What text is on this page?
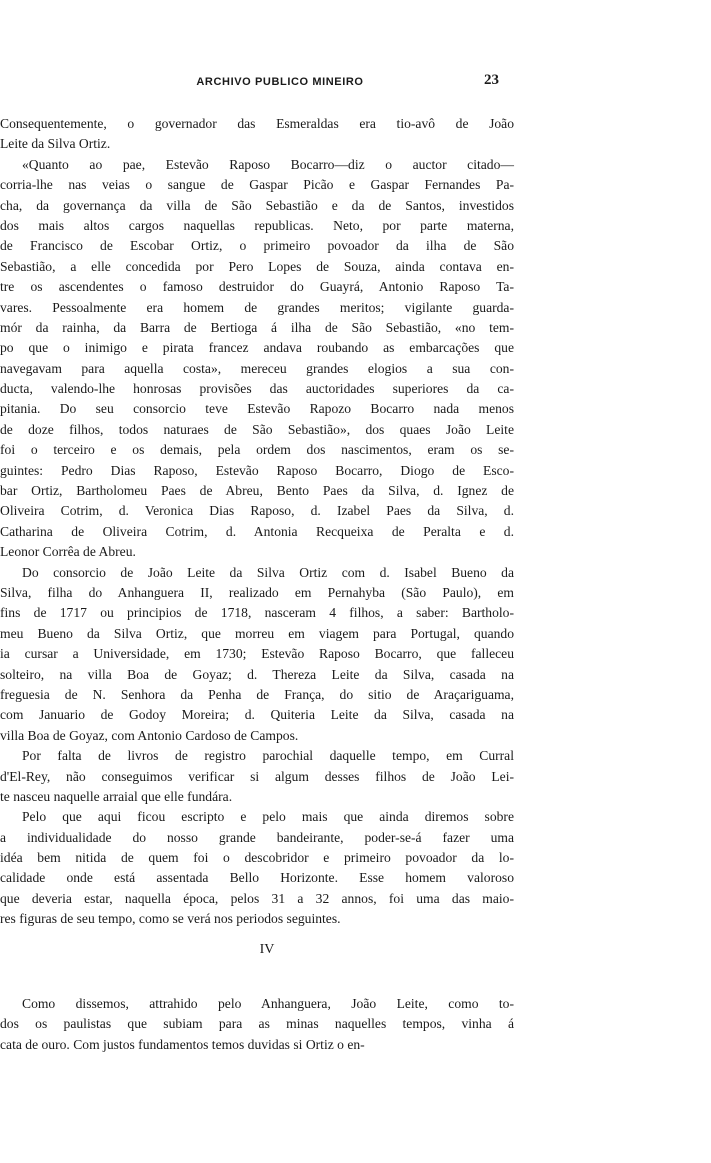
ARCHIVO PUBLICO MINEIRO	23
Consequentemente, o governador das Esmeraldas era tio-avô de João
Leite da Silva Ortiz.
«Quanto ao pae, Estevão Raposo Bocarro—diz o auctor citado—
corria-lhe nas veias o sangue de Gaspar Picão e Gaspar Fernandes Pa-
cha, da governança da villa de São Sebastião e da de Santos, investidos
dos mais altos cargos naquellas republicas. Neto, por parte materna,
de Francisco de Escobar Ortiz, o primeiro povoador da ilha de São
Sebastião, a elle concedida por Pero Lopes de Souza, ainda contava en-
tre os ascendentes o famoso destruidor do Guayrá, Antonio Raposo Ta-
vares. Pessoalmente era homem de grandes meritos; vigilante guarda-
mór da rainha, da Barra de Bertioga á ilha de São Sebastião, «no tem-
po que o inimigo e pirata francez andava roubando as embarcações que
navegavam para aquella costa», mereceu grandes elogios a sua con-
ducta, valendo-lhe honrosas provisões das auctoridades superiores da ca-
pitania. Do seu consorcio teve Estevão Rapozo Bocarro nada menos
de doze filhos, todos naturaes de São Sebastião», dos quaes João Leite
foi o terceiro e os demais, pela ordem dos nascimentos, eram os se-
guintes: Pedro Dias Raposo, Estevão Raposo Bocarro, Diogo de Esco-
bar Ortiz, Bartholomeu Paes de Abreu, Bento Paes da Silva, d. Ignez de
Oliveira Cotrim, d. Veronica Dias Raposo, d. Izabel Paes da Silva, d.
Catharina de Oliveira Cotrim, d. Antonia Recqueixa de Peralta e d.
Leonor Corrêa de Abreu.
Do consorcio de João Leite da Silva Ortiz com d. Isabel Bueno da
Silva, filha do Anhanguera II, realizado em Pernahyba (São Paulo), em
fins de 1717 ou principios de 1718, nasceram 4 filhos, a saber: Bartholo-
meu Bueno da Silva Ortiz, que morreu em viagem para Portugal, quando
ia cursar a Universidade, em 1730; Estevão Raposo Bocarro, que falleceu
solteiro, na villa Boa de Goyaz; d. Thereza Leite da Silva, casada na
freguesia de N. Senhora da Penha de França, do sitio de Araçariguama,
com Januario de Godoy Moreira; d. Quiteria Leite da Silva, casada na
villa Boa de Goyaz, com Antonio Cardoso de Campos.
Por falta de livros de registro parochial daquelle tempo, em Curral
d'El-Rey, não conseguimos verificar si algum desses filhos de João Lei-
te nasceu naquelle arraial que elle fundára.
Pelo que aqui ficou escripto e pelo mais que ainda diremos sobre
a individualidade do nosso grande bandeirante, poder-se-á fazer uma
idéa bem nitida de quem foi o descobridor e primeiro povoador da lo-
calidade onde está assentada Bello Horizonte. Esse homem valoroso
que deveria estar, naquella época, pelos 31 a 32 annos, foi uma das maio-
res figuras de seu tempo, como se verá nos periodos seguintes.
IV
Como dissemos, attrahido pelo Anhanguera, João Leite, como to-
dos os paulistas que subiam para as minas naquelles tempos, vinha á
cata de ouro. Com justos fundamentos temos duvidas si Ortiz o en-
